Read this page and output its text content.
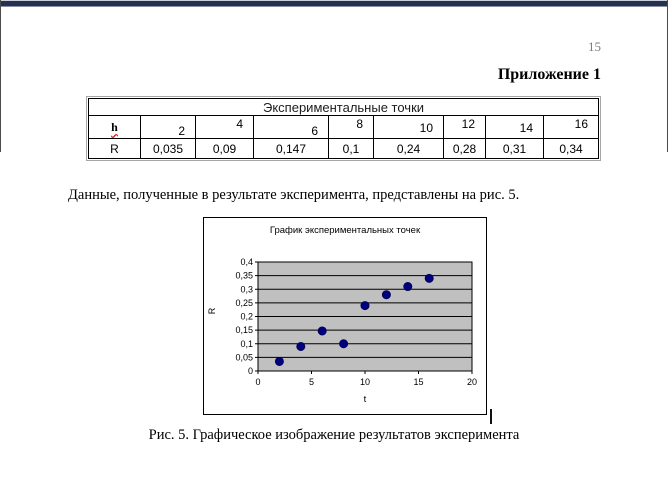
15
Приложение 1
Экспериментальные точки								
h	2	4	6	8	10	12	14	16
R	0,035	0,09	0,147	0,1	0,24	0,28	0,31	0,34
Данные, полученные в результате эксперимента, представлены на рис. 5.
График экспериментальных точек
0
0,05
0,1
0,15
0,2
0,25
0,3
0,35
0,4
0	5	10	15	20
t
R
Рис. 5. Графическое изображение результатов эксперимента
